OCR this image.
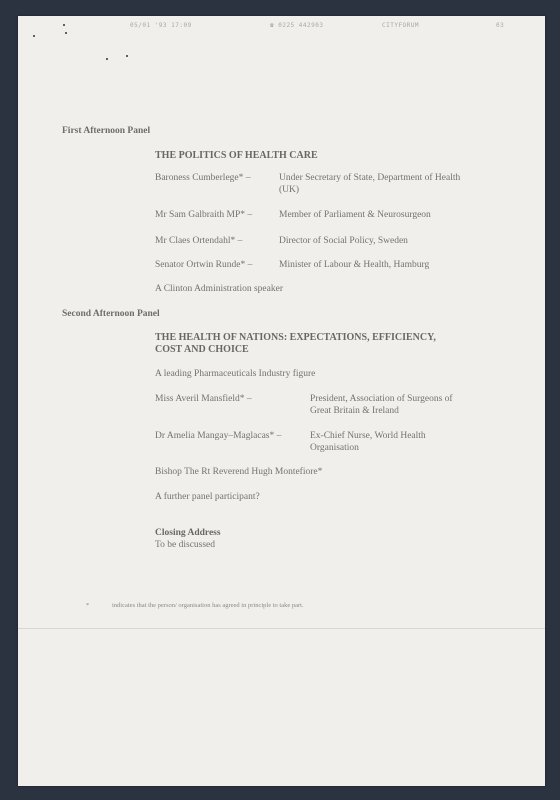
05/01 '93 17:09	☎ 0225 442903	CITYFORUM	03
First Afternoon Panel
THE POLITICS OF HEALTH CARE
Baroness Cumberlege* –	Under Secretary of State, Department of Health (UK)
Mr Sam Galbraith MP* –	Member of Parliament & Neurosurgeon
Mr Claes Ortendahl* –	Director of Social Policy, Sweden
Senator Ortwin Runde* –	Minister of Labour & Health, Hamburg
A Clinton Administration speaker
Second Afternoon Panel
THE HEALTH OF NATIONS: EXPECTATIONS, EFFICIENCY,
COST AND CHOICE
A leading Pharmaceuticals Industry figure
Miss Averil Mansfield* –	President, Association of Surgeons of Great Britain & Ireland
Dr Amelia Mangay–Maglacas* –	Ex-Chief Nurse, World Health Organisation
Bishop The Rt Reverend Hugh Montefiore*
A further panel participant?
Closing Address
To be discussed
*	indicates that the person/ organisation has agreed in principle to take part.
